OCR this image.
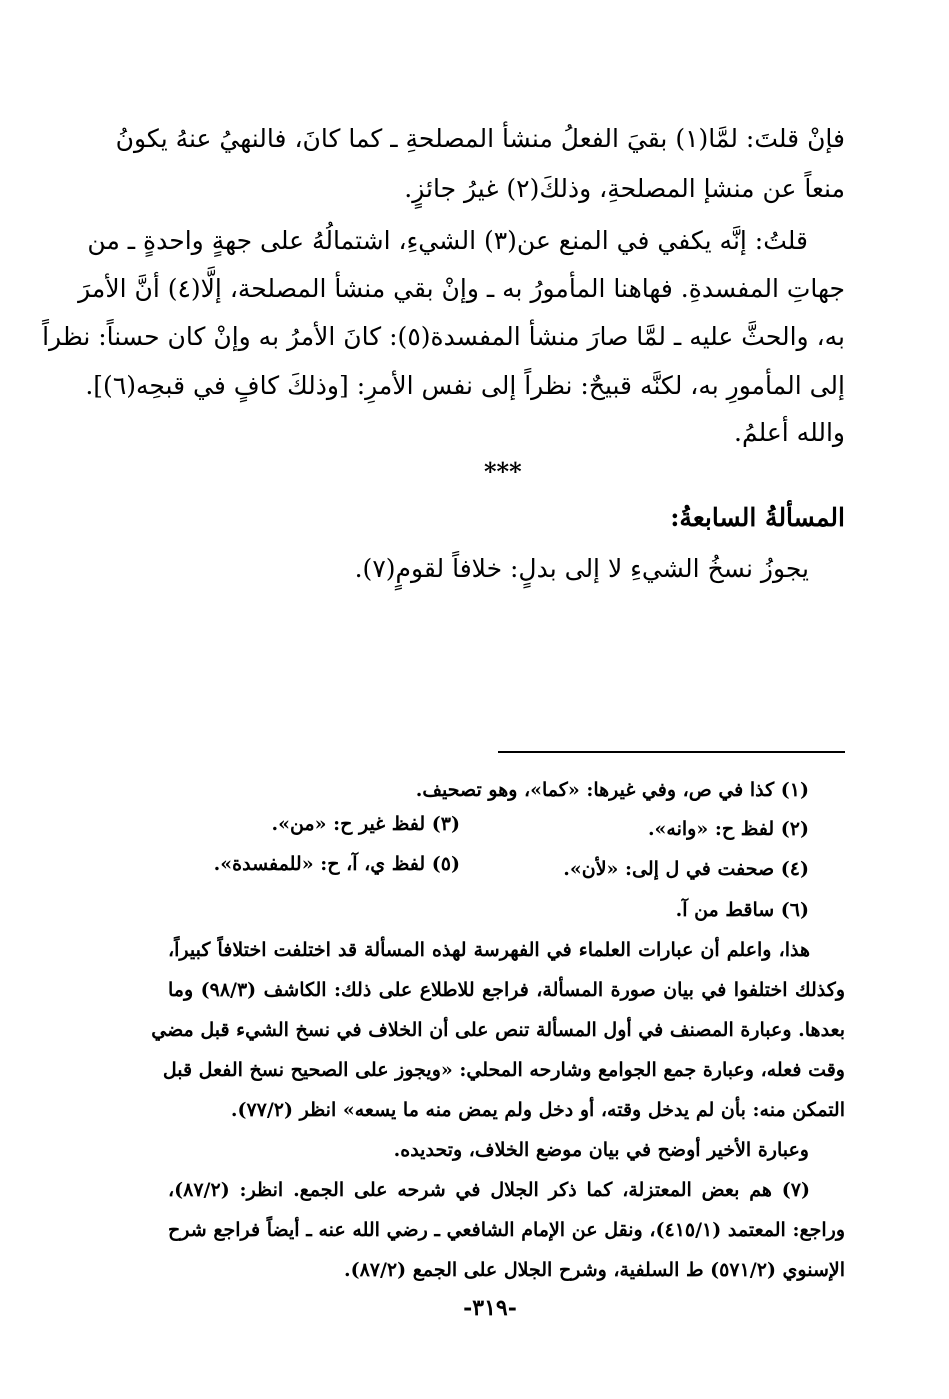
فإنْ قلتَ: لمَّا(١) بقيَ الفعلُ منشأ المصلحةِ ـ كما كانَ، فالنهيُ عنهُ يكونُ
منعاً عن منشإ المصلحةِ، وذلكَ(٢) غيرُ جائزٍ.
قلتُ: إنَّه يكفي في المنع عن(٣) الشيءِ، اشتمالُهُ على جهةٍ واحدةٍ ـ من
جهاتِ المفسدةِ. فهاهنا المأمورُ به ـ وإنْ بقي منشأ المصلحة، إلَّا(٤) أنَّ الأمرَ
به، والحثَّ عليه ـ لمَّا صارَ منشأ المفسدة(٥): كانَ الأمرُ به وإنْ كان حسناً: نظراً
إلى المأمورِ به، لكنَّه قبيحٌ: نظراً إلى نفس الأمرِ: [وذلكَ كافٍ في قبحِه(٦)].
والله أعلمُ.
***
المسألةُ السابعةُ:
يجوزُ نسخُ الشيءِ لا إلى بدلٍ: خلافاً لقومٍ(٧).
(١) كذا في ص، وفي غيرها: «كما»، وهو تصحيف.
(٢) لفظ ح: «وانه».
(٣) لفظ غير ح: «من».
(٤) صحفت في ل إلى: «لأن».
(٥) لفظ ي، آ، ح: «للمفسدة».
(٦) ساقط من آ.
هذا، واعلم أن عبارات العلماء في الفهرسة لهذه المسألة قد اختلفت اختلافاً كبيراً،
وكذلك اختلفوا في بيان صورة المسألة، فراجع للاطلاع على ذلك: الكاشف (٩٨/٣) وما
بعدها. وعبارة المصنف في أول المسألة تنص على أن الخلاف في نسخ الشيء قبل مضي
وقت فعله، وعبارة جمع الجوامع وشارحه المحلي: «ويجوز على الصحيح نسخ الفعل قبل
التمكن منه: بأن لم يدخل وقته، أو دخل ولم يمض منه ما يسعه» انظر (٧٧/٢).
وعبارة الأخير أوضح في بيان موضع الخلاف، وتحديده.
(٧) هم بعض المعتزلة، كما ذكر الجلال في شرحه على الجمع. انظر: (٨٧/٢)،
وراجع: المعتمد (٤١٥/١)، ونقل عن الإمام الشافعي ـ رضي الله عنه ـ أيضاً فراجع شرح
الإسنوي (٥٧١/٢) ط السلفية، وشرح الجلال على الجمع (٨٧/٢).
-٣١٩-
